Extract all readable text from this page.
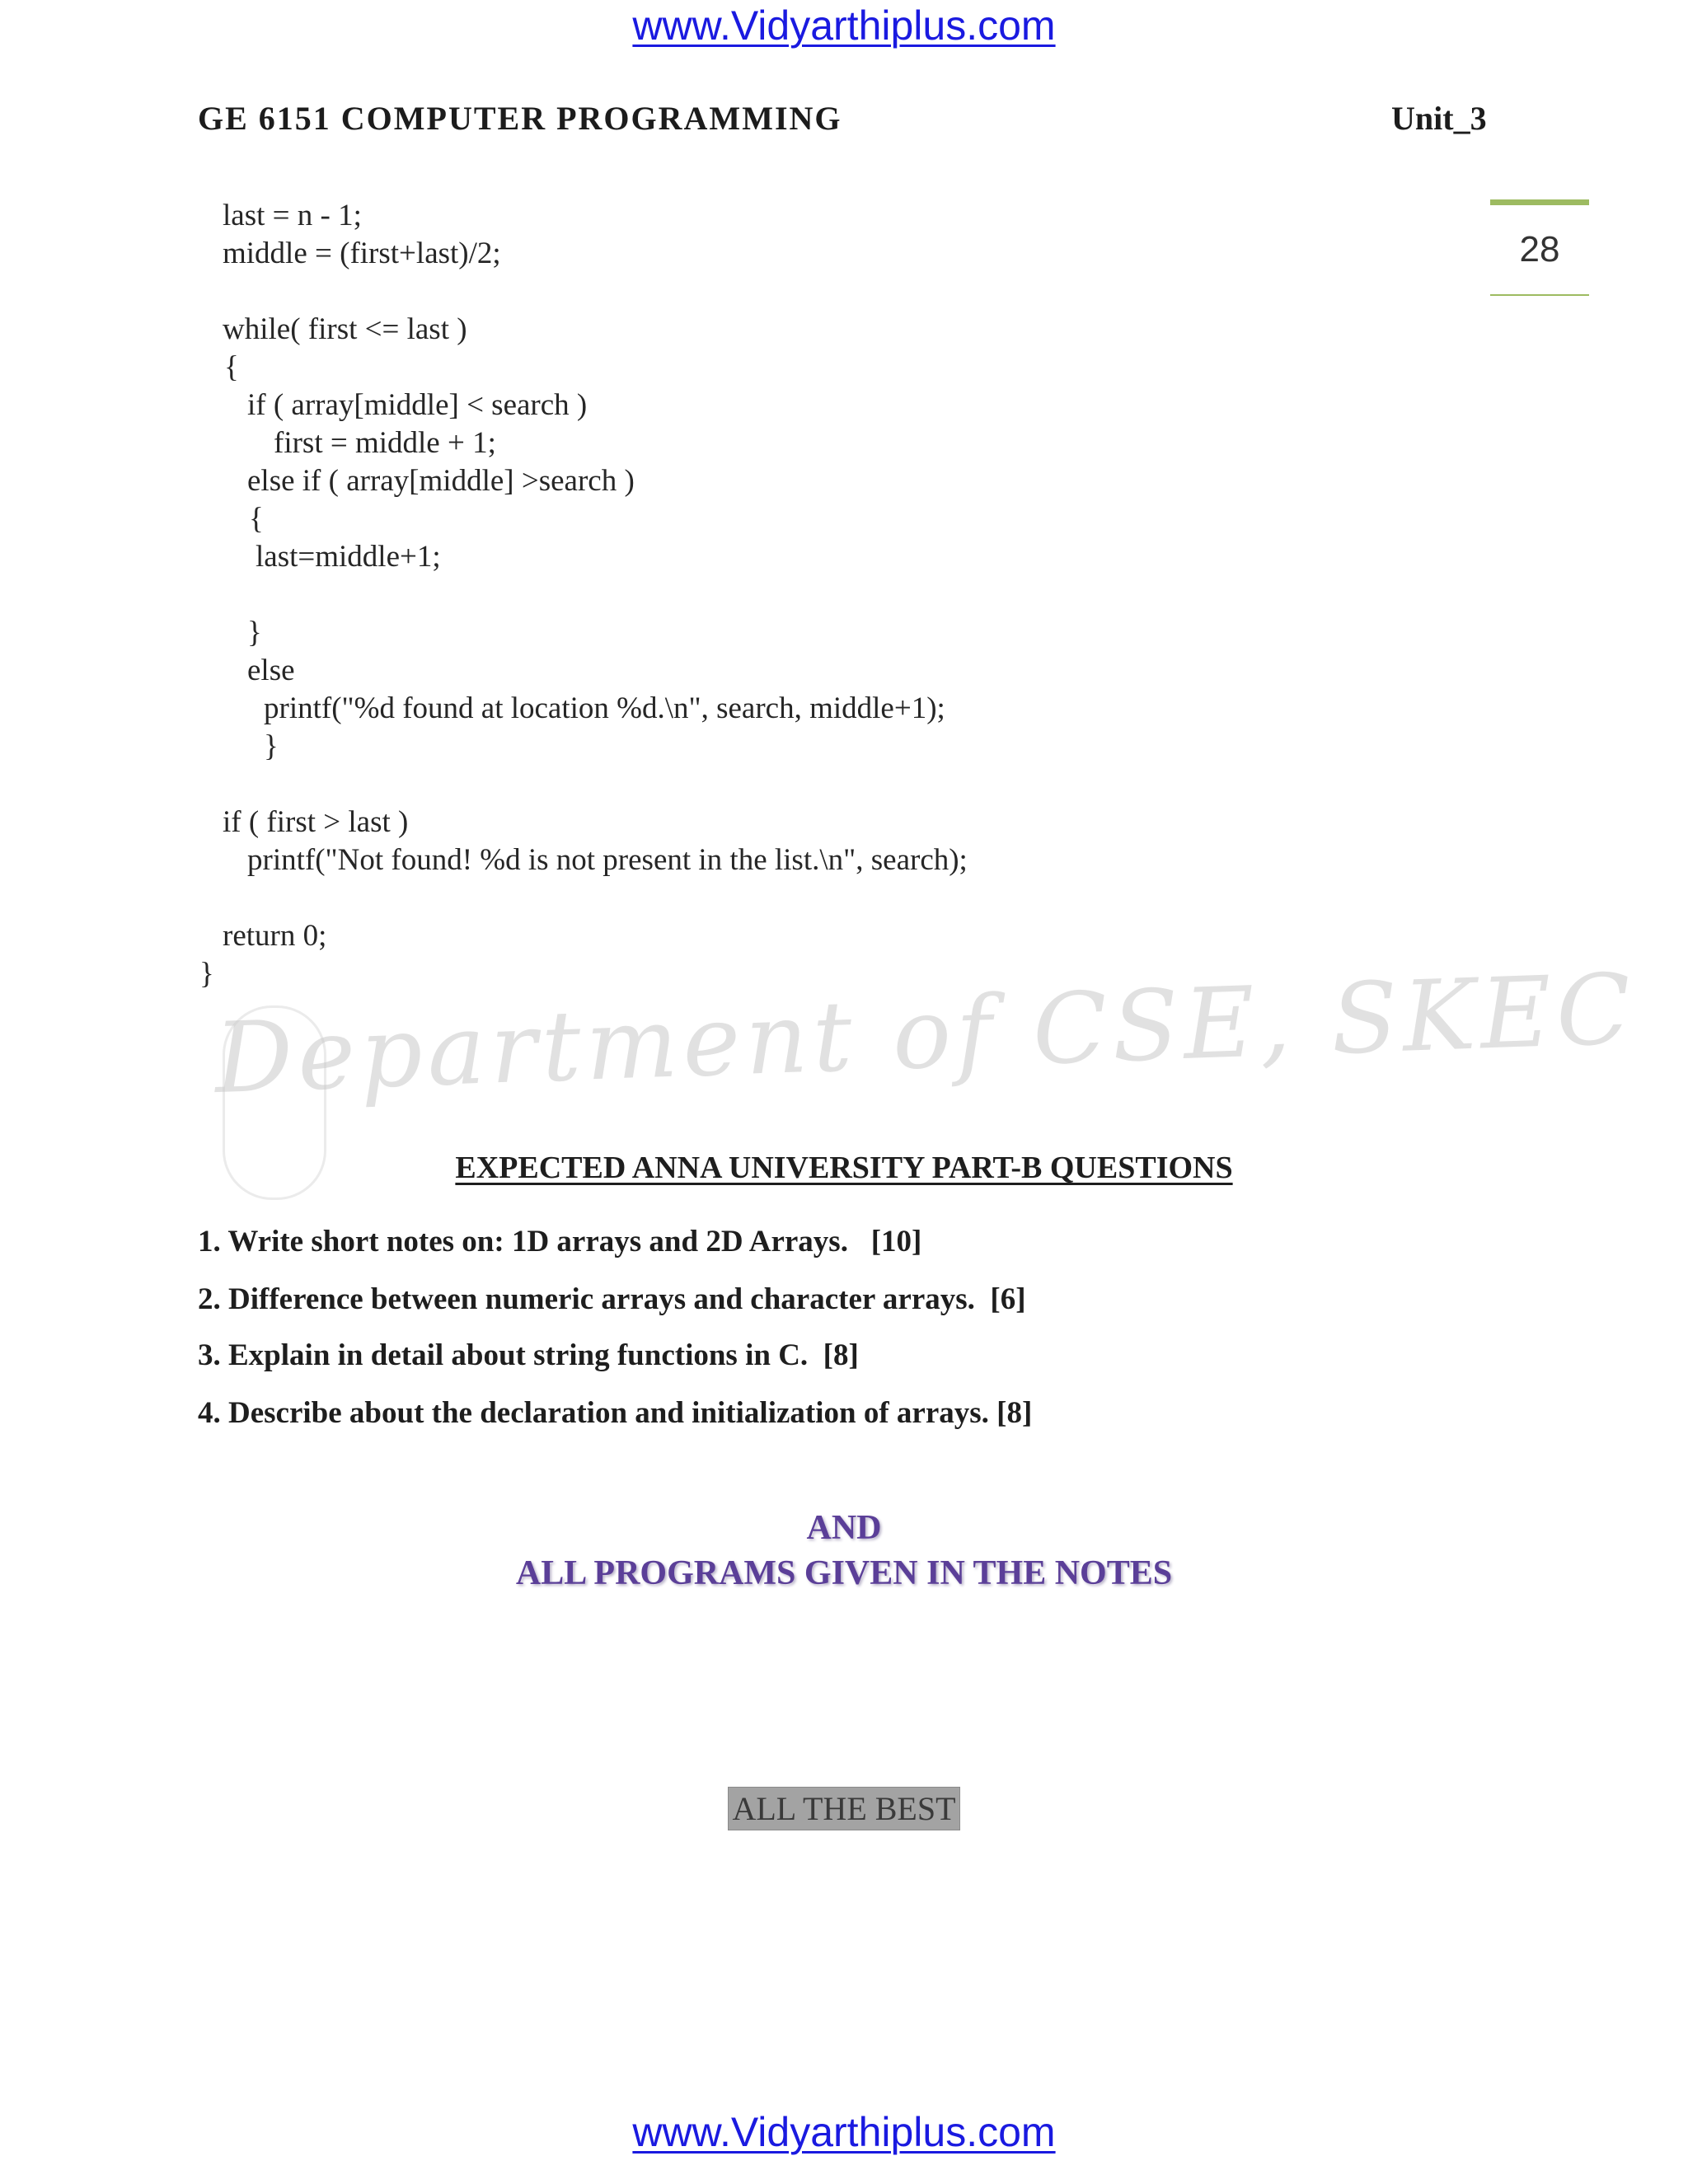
www.Vidyarthiplus.com
GE 6151 COMPUTER PROGRAMMING	Unit_3
28
last = n - 1;
middle = (first+last)/2;
while( first <= last )
{
if ( array[middle] < search )
first = middle + 1;
else if ( array[middle] >search )
{
last=middle+1;
}
else
printf("%d found at location %d.\n", search, middle+1);
}
if ( first > last )
printf("Not found! %d is not present in the list.\n", search);
return 0;
}
Department of CSE, SKEC
EXPECTED ANNA UNIVERSITY PART-B QUESTIONS
1. Write short notes on: 1D arrays and 2D Arrays.   [10]
2. Difference between numeric arrays and character arrays.  [6]
3. Explain in detail about string functions in C.  [8]
4. Describe about the declaration and initialization of arrays. [8]
AND
ALL PROGRAMS GIVEN IN THE NOTES
ALL THE BEST
www.Vidyarthiplus.com
